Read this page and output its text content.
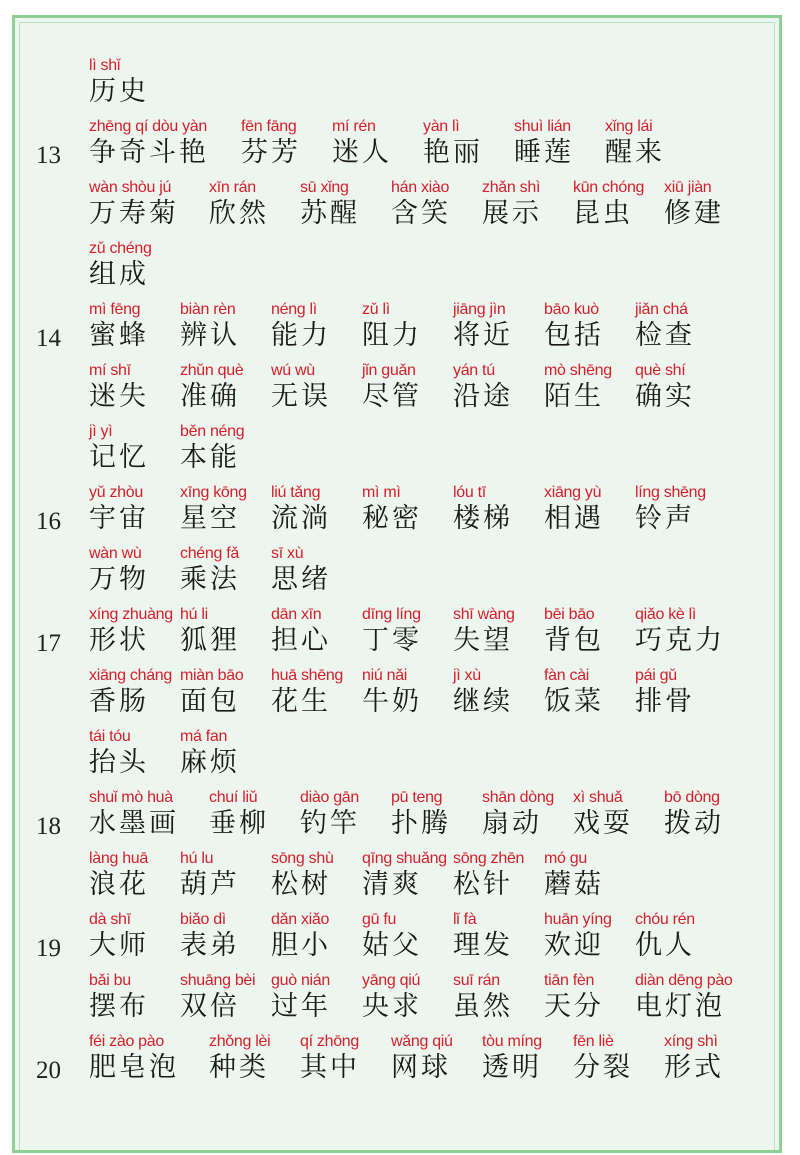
lì shǐ
历史
13
zhēng qí dòu yàn
争奇斗艳
fēn fāng
芬芳
mí rén
迷人
yàn lì
艳丽
shuì lián
睡莲
xǐng lái
醒来
wàn shòu jú
万寿菊
xīn rán
欣然
sū xǐng
苏醒
hán xiào
含笑
zhǎn shì
展示
kūn chóng
昆虫
xiū jiàn
修建
zǔ chéng
组成
14
mì fēng
蜜蜂
biàn rèn
辨认
néng lì
能力
zǔ lì
阻力
jiāng jìn
将近
bāo kuò
包括
jiǎn chá
检查
mí shī
迷失
zhǔn què
准确
wú wù
无误
jǐn guǎn
尽管
yán tú
沿途
mò shēng
陌生
què shí
确实
jì yì
记忆
běn néng
本能
16
yǔ zhòu
宇宙
xīng kōng
星空
liú tǎng
流淌
mì mì
秘密
lóu tī
楼梯
xiāng yù
相遇
líng shēng
铃声
wàn wù
万物
chéng fǎ
乘法
sī xù
思绪
17
xíng zhuàng
形状
hú li
狐狸
dān xīn
担心
dīng líng
丁零
shī wàng
失望
bēi bāo
背包
qiǎo kè lì
巧克力
xiāng cháng
香肠
miàn bāo
面包
huā shēng
花生
niú nǎi
牛奶
jì xù
继续
fàn cài
饭菜
pái gǔ
排骨
tái tóu
抬头
má fan
麻烦
18
shuǐ mò huà
水墨画
chuí liǔ
垂柳
diào gān
钓竿
pū teng
扑腾
shān dòng
扇动
xì shuǎ
戏耍
bō dòng
拨动
làng huā
浪花
hú lu
葫芦
sōng shù
松树
qīng shuǎng
清爽
sōng zhēn
松针
mó gu
蘑菇
19
dà shī
大师
biǎo dì
表弟
dǎn xiǎo
胆小
gū fu
姑父
lǐ fà
理发
huān yíng
欢迎
chóu rén
仇人
bǎi bu
摆布
shuāng bèi
双倍
guò nián
过年
yāng qiú
央求
suī rán
虽然
tiān fèn
天分
diàn dēng pào
电灯泡
20
féi zào pào
肥皂泡
zhǒng lèi
种类
qí zhōng
其中
wǎng qiú
网球
tòu míng
透明
fēn liè
分裂
xíng shì
形式
